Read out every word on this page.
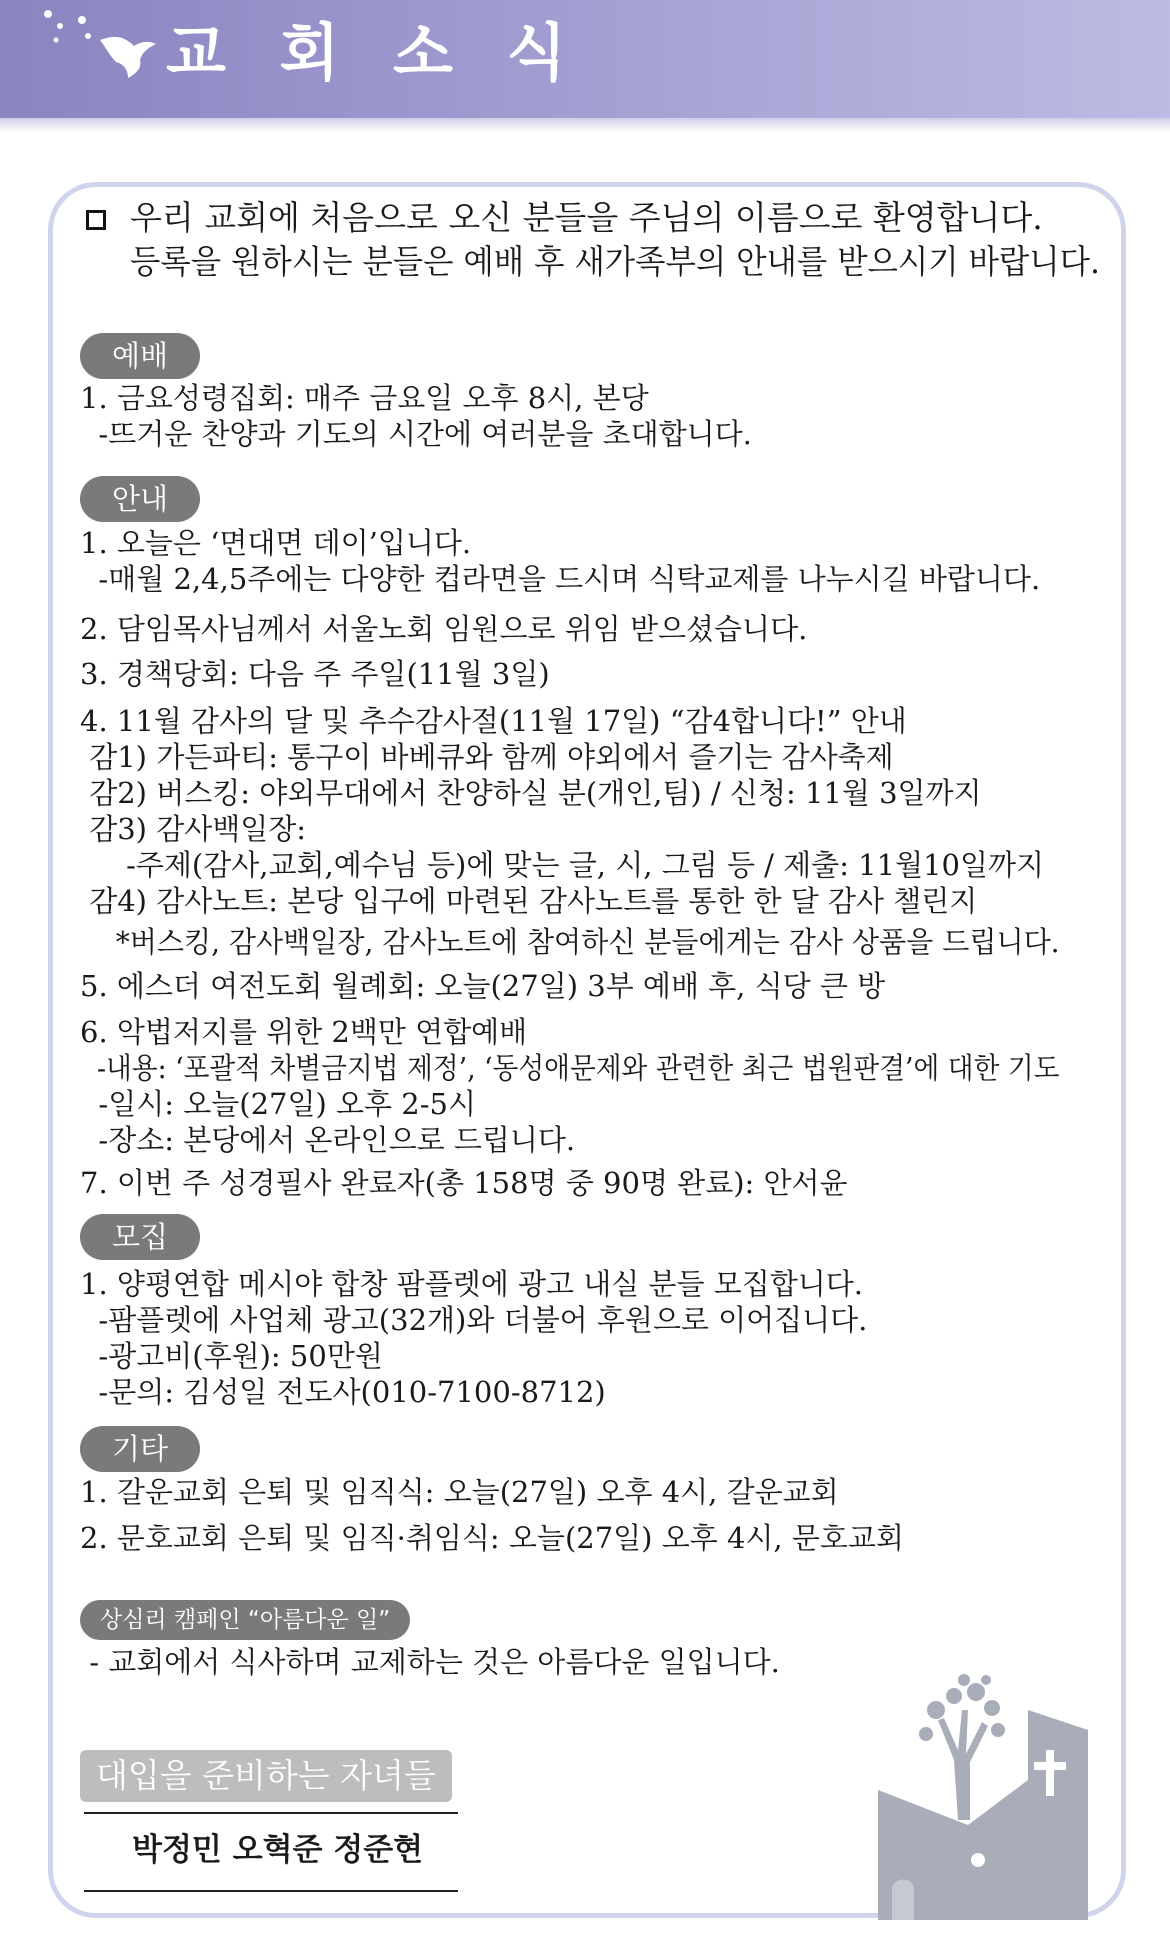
교 회 소 식
우리 교회에 처음으로 오신 분들을 주님의 이름으로 환영합니다.
등록을 원하시는 분들은 예배 후 새가족부의 안내를 받으시기 바랍니다.
예배
1. 금요성령집회: 매주 금요일 오후 8시, 본당
-뜨거운 찬양과 기도의 시간에 여러분을 초대합니다.
안내
1. 오늘은 ‘면대면 데이’입니다.
-매월 2,4,5주에는 다양한 컵라면을 드시며 식탁교제를 나누시길 바랍니다.
2. 담임목사님께서 서울노회 임원으로 위임 받으셨습니다.
3. 경책당회: 다음 주 주일(11월 3일)
4. 11월 감사의 달 및 추수감사절(11월 17일) “감4합니다!” 안내
감1) 가든파티: 통구이 바베큐와 함께 야외에서 즐기는 감사축제
감2) 버스킹: 야외무대에서 찬양하실 분(개인,팀) / 신청: 11월 3일까지
감3) 감사백일장:
-주제(감사,교회,예수님 등)에 맞는 글, 시, 그림 등 / 제출: 11월10일까지
감4) 감사노트: 본당 입구에 마련된 감사노트를 통한 한 달 감사 챌린지
*버스킹, 감사백일장, 감사노트에 참여하신 분들에게는 감사 상품을 드립니다.
5. 에스더 여전도회 월례회: 오늘(27일) 3부 예배 후, 식당 큰 방
6. 악법저지를 위한 2백만 연합예배
-내용: ‘포괄적 차별금지법 제정’, ‘동성애문제와 관련한 최근 법원판결’에 대한 기도
-일시: 오늘(27일) 오후 2-5시
-장소: 본당에서 온라인으로 드립니다.
7. 이번 주 성경필사 완료자(총 158명 중 90명 완료): 안서윤
모집
1. 양평연합 메시야 합창 팜플렛에 광고 내실 분들 모집합니다.
-팜플렛에 사업체 광고(32개)와 더불어 후원으로 이어집니다.
-광고비(후원): 50만원
-문의: 김성일 전도사(010-7100-8712)
기타
1. 갈운교회 은퇴 및 임직식: 오늘(27일) 오후 4시, 갈운교회
2. 문호교회 은퇴 및 임직·취임식: 오늘(27일) 오후 4시, 문호교회
상심리 캠페인 “아름다운 일”
- 교회에서 식사하며 교제하는 것은 아름다운 일입니다.
대입을 준비하는 자녀들
박정민 오혁준 정준현
